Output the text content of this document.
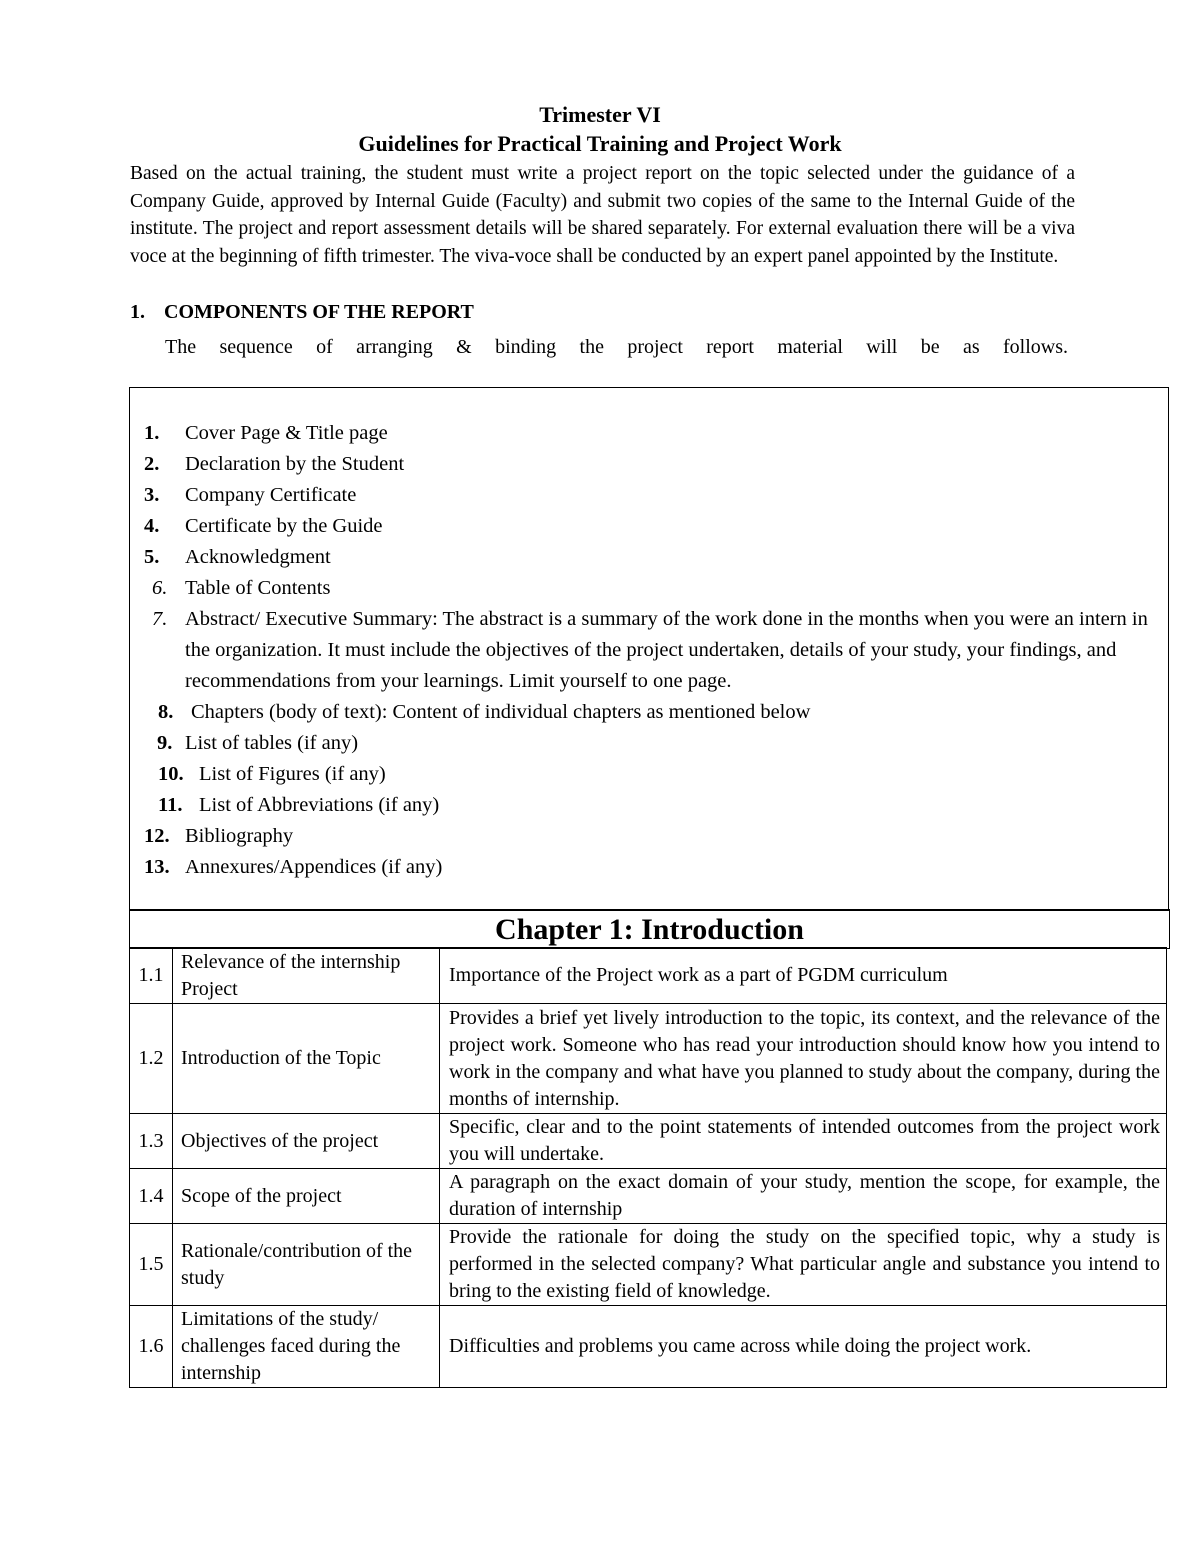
Trimester VI
Guidelines for Practical Training and Project Work
Based on the actual training, the student must write a project report on the topic selected under the guidance of a Company Guide, approved by Internal Guide (Faculty) and submit two copies of the same to the Internal Guide of the institute. The project and report assessment details will be shared separately. For external evaluation there will be a viva voce at the beginning of fifth trimester. The viva-voce shall be conducted by an expert panel appointed by the Institute.
1. COMPONENTS OF THE REPORT
The sequence of arranging & binding the project report material will be as follows.
1. Cover Page & Title page
2. Declaration by the Student
3. Company Certificate
4. Certificate by the Guide
5. Acknowledgment
6. Table of Contents
7. Abstract/ Executive Summary: The abstract is a summary of the work done in the months when you were an intern in the organization. It must include the objectives of the project undertaken, details of your study, your findings, and recommendations from your learnings. Limit yourself to one page.
8. Chapters (body of text): Content of individual chapters as mentioned below
9. List of tables (if any)
10. List of Figures (if any)
11. List of Abbreviations (if any)
12. Bibliography
13. Annexures/Appendices (if any)
Chapter 1: Introduction
1.1	Relevance of the internship Project	Importance of the Project work as a part of PGDM curriculum
1.2	Introduction of the Topic	Provides a brief yet lively introduction to the topic, its context, and the relevance of the project work. Someone who has read your introduction should know how you intend to work in the company and what have you planned to study about the company, during the months of internship.
1.3	Objectives of the project	Specific, clear and to the point statements of intended outcomes from the project work you will undertake.
1.4	Scope of the project	A paragraph on the exact domain of your study, mention the scope, for example, the duration of internship
1.5	Rationale/contribution of the study	Provide the rationale for doing the study on the specified topic, why a study is performed in the selected company? What particular angle and substance you intend to bring to the existing field of knowledge.
1.6	Limitations of the study/ challenges faced during the internship	Difficulties and problems you came across while doing the project work.
